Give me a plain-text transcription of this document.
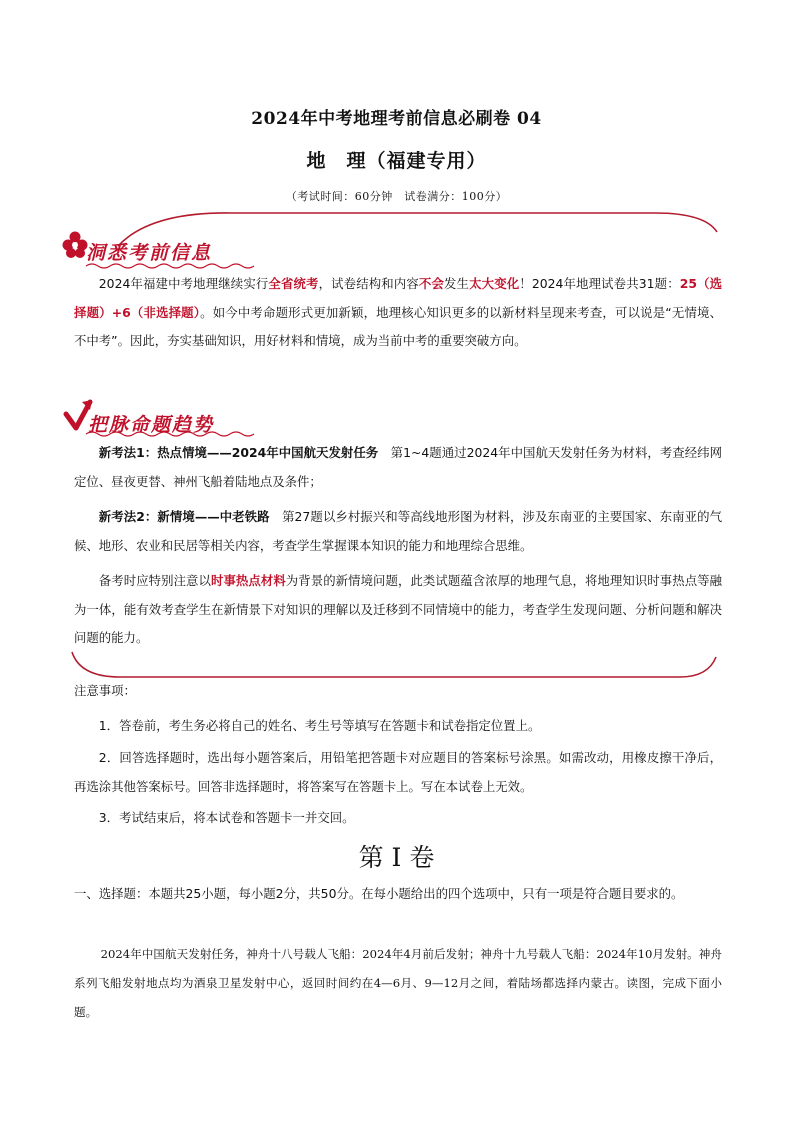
2024年中考地理考前信息必刷卷 04
地　理（福建专用）
（考试时间：60分钟　试卷满分：100分）
洞悉考前信息
把脉命题趋势
2024年福建中考地理继续实行全省统考，试卷结构和内容不会发生太大变化！2024年地理试卷共31题：25（选择题）+6（非选择题）。如今中考命题形式更加新颖，地理核心知识更多的以新材料呈现来考查，可以说是“无情境、不中考”。因此，夯实基础知识，用好材料和情境，成为当前中考的重要突破方向。
新考法1：热点情境——2024年中国航天发射任务　第1~4题通过2024年中国航天发射任务为材料，考查经纬网定位、昼夜更替、神州飞船着陆地点及条件；
新考法2：新情境——中老铁路　第27题以乡村振兴和等高线地形图为材料，涉及东南亚的主要国家、东南亚的气候、地形、农业和民居等相关内容，考查学生掌握课本知识的能力和地理综合思维。
备考时应特别注意以时事热点材料为背景的新情境问题，此类试题蕴含浓厚的地理气息，将地理知识时事热点等融为一体，能有效考查学生在新情景下对知识的理解以及迁移到不同情境中的能力，考查学生发现问题、分析问题和解决问题的能力。
注意事项：
1．答卷前，考生务必将自己的姓名、考生号等填写在答题卡和试卷指定位置上。
2．回答选择题时，选出每小题答案后，用铅笔把答题卡对应题目的答案标号涂黑。如需改动，用橡皮擦干净后，再选涂其他答案标号。回答非选择题时，将答案写在答题卡上。写在本试卷上无效。
3．考试结束后，将本试卷和答题卡一并交回。
第 I 卷
一、选择题：本题共25小题，每小题2分，共50分。在每小题给出的四个选项中，只有一项是符合题目要求的。
2024年中国航天发射任务，神舟十八号载人飞船：2024年4月前后发射；神舟十九号载人飞船：2024年10月发射。神舟系列飞船发射地点均为酒泉卫星发射中心，返回时间约在4—6月、9—12月之间，着陆场都选择内蒙古。读图，完成下面小题。
